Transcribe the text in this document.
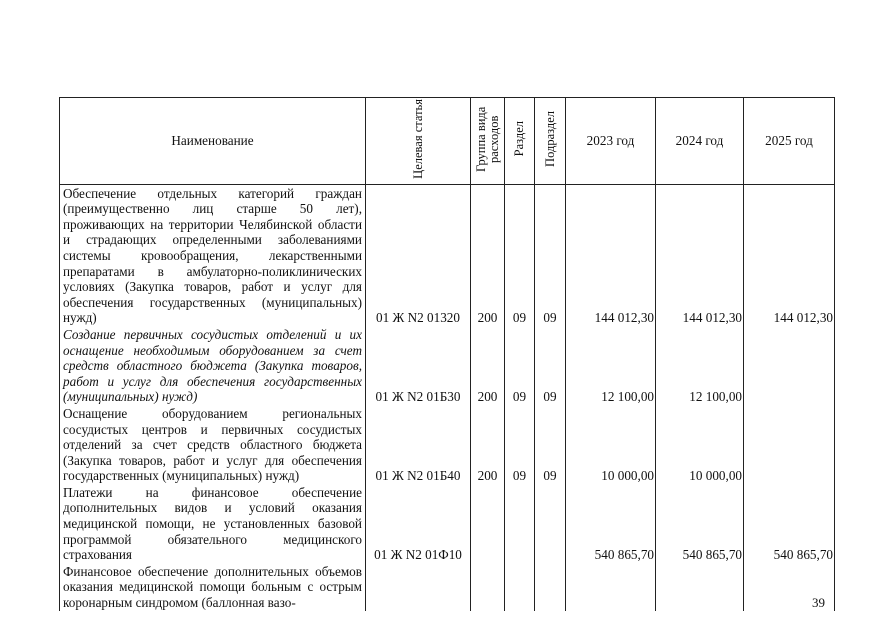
Наименование	Целевая статья	Группа вида расходов	Раздел	Подраздел	2023 год	2024 год	2025 год
Обеспечение отдельных категорий граждан (преимущественно лиц старше 50 лет), проживающих на территории Челябинской области и страдающих определенными заболеваниями системы кровообращения, лекарственными препаратами в амбулаторно-поликлинических условиях (Закупка товаров, работ и услуг для обеспечения государственных (муниципальных) нужд)	01 Ж N2 01320	200	09	09	144 012,30	144 012,30	144 012,30
Создание первичных сосудистых отделений и их оснащение необходимым оборудованием за счет средств областного бюджета (Закупка товаров, работ и услуг для обеспечения государственных (муниципальных) нужд)	01 Ж N2 01Б30	200	09	09	12 100,00	12 100,00	
Оснащение оборудованием региональных сосудистых центров и первичных сосудистых отделений за счет средств областного бюджета (Закупка товаров, работ и услуг для обеспечения государственных (муниципальных) нужд)	01 Ж N2 01Б40	200	09	09	10 000,00	10 000,00	
Платежи на финансовое обеспечение дополнительных видов и условий оказания медицинской помощи, не установленных базовой программой обязательного медицинского страхования	01 Ж N2 01Ф10				540 865,70	540 865,70	540 865,70
Финансовое обеспечение дополнительных объемов оказания медицинской помощи больным с острым коронарным синдромом (баллонная вазо-								39
